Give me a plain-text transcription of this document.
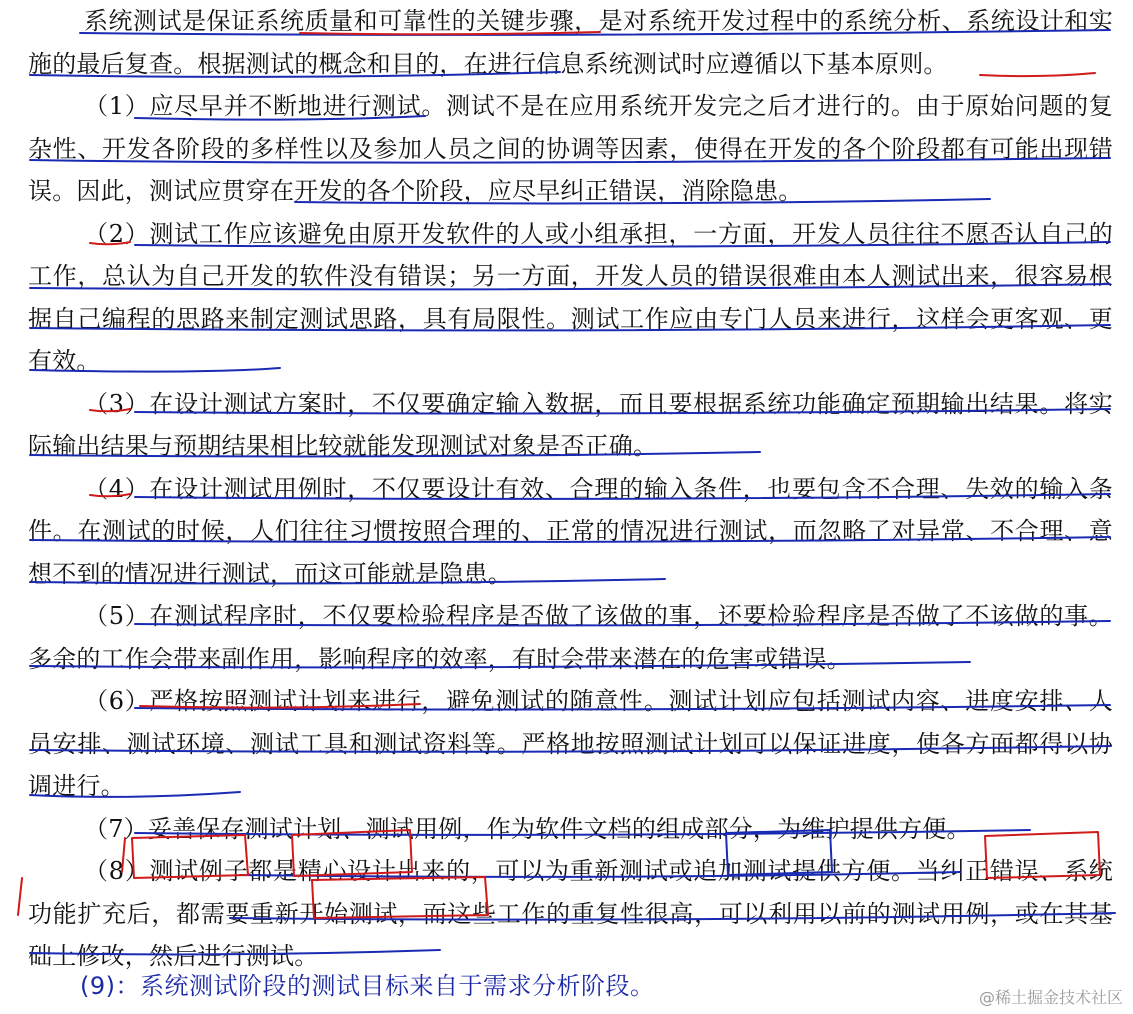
系统测试是保证系统质量和可靠性的关键步骤，是对系统开发过程中的系统分析、系统设计和实施的最后复查。根据测试的概念和目的，在进行信息系统测试时应遵循以下基本原则。

（1）应尽早并不断地进行测试。测试不是在应用系统开发完之后才进行的。由于原始问题的复杂性、开发各阶段的多样性以及参加人员之间的协调等因素，使得在开发的各个阶段都有可能出现错误。因此，测试应贯穿在开发的各个阶段，应尽早纠正错误，消除隐患。

（2）测试工作应该避免由原开发软件的人或小组承担，一方面，开发人员往往不愿否认自己的工作，总认为自己开发的软件没有错误；另一方面，开发人员的错误很难由本人测试出来，很容易根据自己编程的思路来制定测试思路，具有局限性。测试工作应由专门人员来进行，这样会更客观、更有效。

（3）在设计测试方案时，不仅要确定输入数据，而且要根据系统功能确定预期输出结果。将实际输出结果与预期结果相比较就能发现测试对象是否正确。

（4）在设计测试用例时，不仅要设计有效、合理的输入条件，也要包含不合理、失效的输入条件。在测试的时候，人们往往习惯按照合理的、正常的情况进行测试，而忽略了对异常、不合理、意想不到的情况进行测试，而这可能就是隐患。

（5）在测试程序时，不仅要检验程序是否做了该做的事，还要检验程序是否做了不该做的事。多余的工作会带来副作用，影响程序的效率，有时会带来潜在的危害或错误。

（6）严格按照测试计划来进行，避免测试的随意性。测试计划应包括测试内容、进度安排、人员安排、测试环境、测试工具和测试资料等。严格地按照测试计划可以保证进度，使各方面都得以协调进行。

（7）妥善保存测试计划、测试用例，作为软件文档的组成部分，为维护提供方便。

（8）测试例子都是精心设计出来的，可以为重新测试或追加测试提供方便。当纠正错误、系统功能扩充后，都需要重新开始测试，而这些工作的重复性很高，可以利用以前的测试用例，或在其基础上修改，然后进行测试。

(9)：系统测试阶段的测试目标来自于需求分析阶段。	@稀土掘金技术社区
